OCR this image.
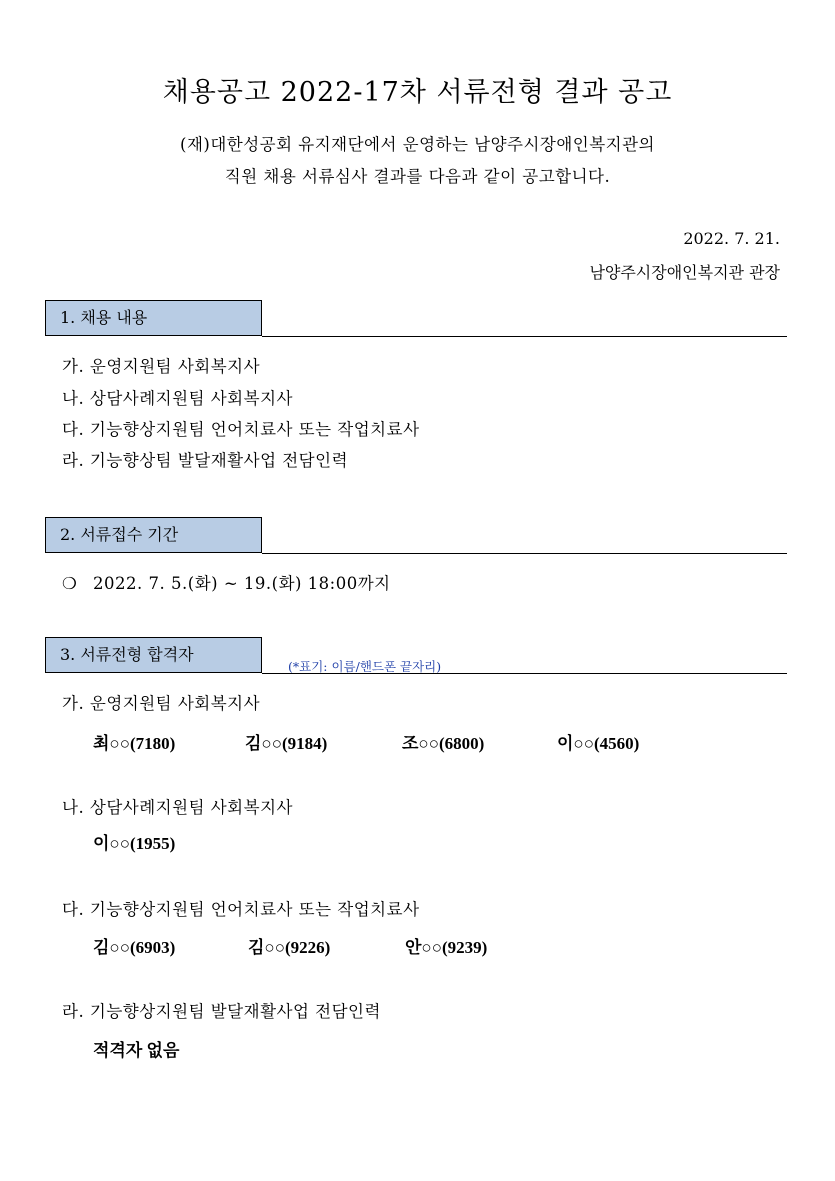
채용공고 2022-17차 서류전형 결과 공고
(재)대한성공회 유지재단에서 운영하는 남양주시장애인복지관의
직원 채용 서류심사 결과를 다음과 같이 공고합니다.
2022. 7. 21.
남양주시장애인복지관 관장
1. 채용 내용
가. 운영지원팀 사회복지사
나. 상담사례지원팀 사회복지사
다. 기능향상지원팀 언어치료사 또는 작업치료사
라. 기능향상팀 발달재활사업 전담인력
2. 서류접수 기간
❍ 2022. 7. 5.(화) ~ 19.(화) 18:00까지
3. 서류전형 합격자
(*표기: 이름/핸드폰 끝자리)
가. 운영지원팀 사회복지사
최○○(7180)	김○○(9184)	조○○(6800)	이○○(4560)
나. 상담사례지원팀 사회복지사
이○○(1955)
다. 기능향상지원팀 언어치료사 또는 작업치료사
김○○(6903)	김○○(9226)	안○○(9239)
라. 기능향상지원팀 발달재활사업 전담인력
적격자 없음
